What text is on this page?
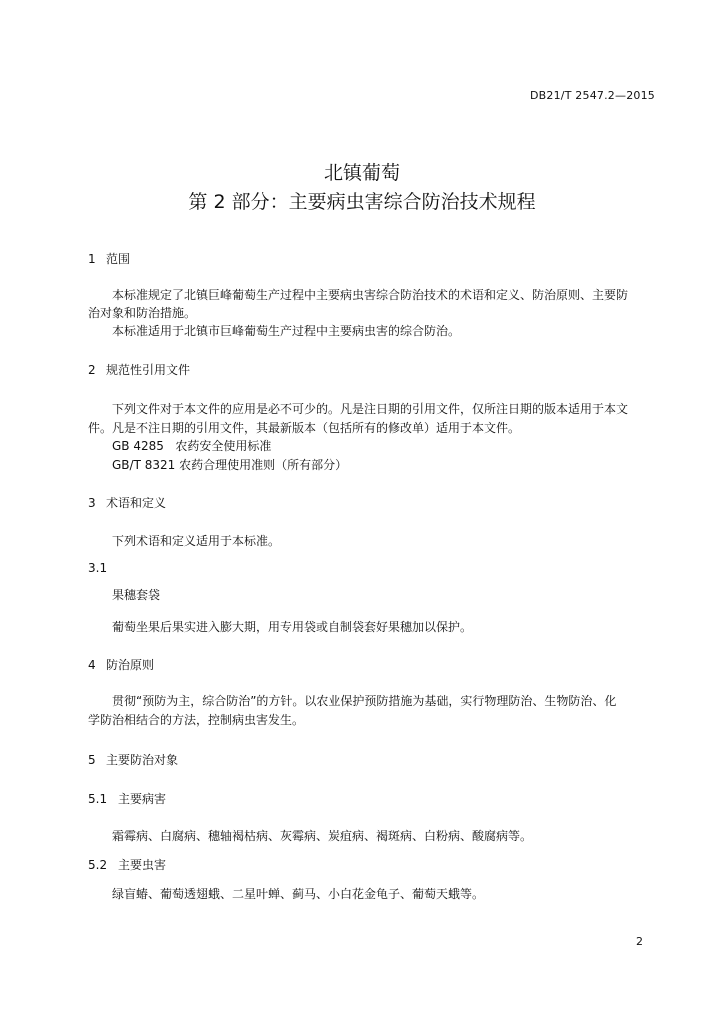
DB21/T 2547.2—2015
北镇葡萄
第 2 部分：主要病虫害综合防治技术规程
1 范围
本标准规定了北镇巨峰葡萄生产过程中主要病虫害综合防治技术的术语和定义、防治原则、主要防
治对象和防治措施。
本标准适用于北镇市巨峰葡萄生产过程中主要病虫害的综合防治。
2 规范性引用文件
下列文件对于本文件的应用是必不可少的。凡是注日期的引用文件，仅所注日期的版本适用于本文
件。凡是不注日期的引用文件，其最新版本（包括所有的修改单）适用于本文件。
GB 4285   农药安全使用标准
GB/T 8321 农药合理使用准则（所有部分）
3 术语和定义
下列术语和定义适用于本标准。
3.1
果穗套袋
葡萄坐果后果实进入膨大期，用专用袋或自制袋套好果穗加以保护。
4 防治原则
贯彻“预防为主，综合防治”的方针。以农业保护预防措施为基础，实行物理防治、生物防治、化
学防治相结合的方法，控制病虫害发生。
5 主要防治对象
5.1 主要病害
霜霉病、白腐病、穗轴褐枯病、灰霉病、炭疽病、褐斑病、白粉病、酸腐病等。
5.2 主要虫害
绿盲蝽、葡萄透翅蛾、二星叶蝉、蓟马、小白花金龟子、葡萄天蛾等。
2
